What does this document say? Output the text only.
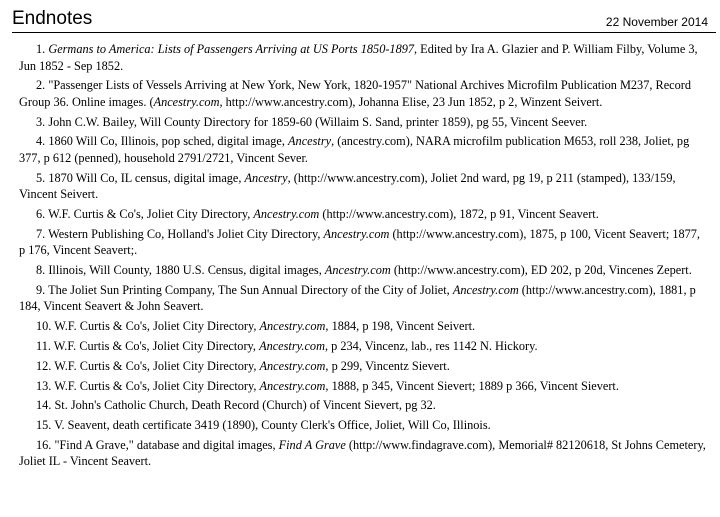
Endnotes	22 November 2014

1. Germans to America: Lists of Passengers Arriving at US Ports 1850-1897, Edited by Ira A. Glazier and P. William Filby, Volume 3, Jun 1852 - Sep 1852.

2. "Passenger Lists of Vessels Arriving at New York, New York, 1820-1957" National Archives Microfilm Publication M237, Record Group 36. Online images. (Ancestry.com, http://www.ancestry.com), Johanna Elise, 23 Jun 1852, p 2, Winzent Seivert.

3. John C.W. Bailey, Will County Directory for 1859-60 (Willaim S. Sand, printer 1859), pg 55, Vincent Seever.

4. 1860 Will Co, Illinois, pop sched, digital image, Ancestry, (ancestry.com), NARA microfilm publication M653, roll 238, Joliet, pg 377, p 612 (penned), household 2791/2721, Vincent Sever.

5. 1870 Will Co, IL census, digital image, Ancestry, (http://www.ancestry.com), Joliet 2nd ward, pg 19, p 211 (stamped), 133/159, Vincent Seivert.

6. W.F. Curtis & Co's, Joliet City Directory, Ancestry.com (http://www.ancestry.com), 1872, p 91, Vincent Seavert.

7. Western Publishing Co, Holland's Joliet City Directory, Ancestry.com (http://www.ancestry.com), 1875, p 100, Vicent Seavert; 1877, p 176, Vincent Seavert;.

8. Illinois, Will County, 1880 U.S. Census, digital images, Ancestry.com (http://www.ancestry.com), ED 202, p 20d, Vincenes Zepert.

9. The Joliet Sun Printing Company, The Sun Annual Directory of the City of Joliet, Ancestry.com (http://www.ancestry.com), 1881, p 184, Vincent Seavert & John Seavert.

10. W.F. Curtis & Co's, Joliet City Directory, Ancestry.com, 1884, p 198, Vincent Seivert.

11. W.F. Curtis & Co's, Joliet City Directory, Ancestry.com, p 234, Vincenz, lab., res 1142 N. Hickory.

12. W.F. Curtis & Co's, Joliet City Directory, Ancestry.com, p 299, Vincentz Sievert.

13. W.F. Curtis & Co's, Joliet City Directory, Ancestry.com, 1888, p 345, Vincent Sievert; 1889 p 366, Vincent Sievert.

14. St. John's Catholic Church, Death Record (Church) of Vincent Sievert, pg 32.

15. V. Seavent, death certificate 3419 (1890), County Clerk's Office, Joliet, Will Co, Illinois.

16. "Find A Grave," database and digital images, Find A Grave (http://www.findagrave.com), Memorial# 82120618, St Johns Cemetery, Joliet IL - Vincent Seavert.
